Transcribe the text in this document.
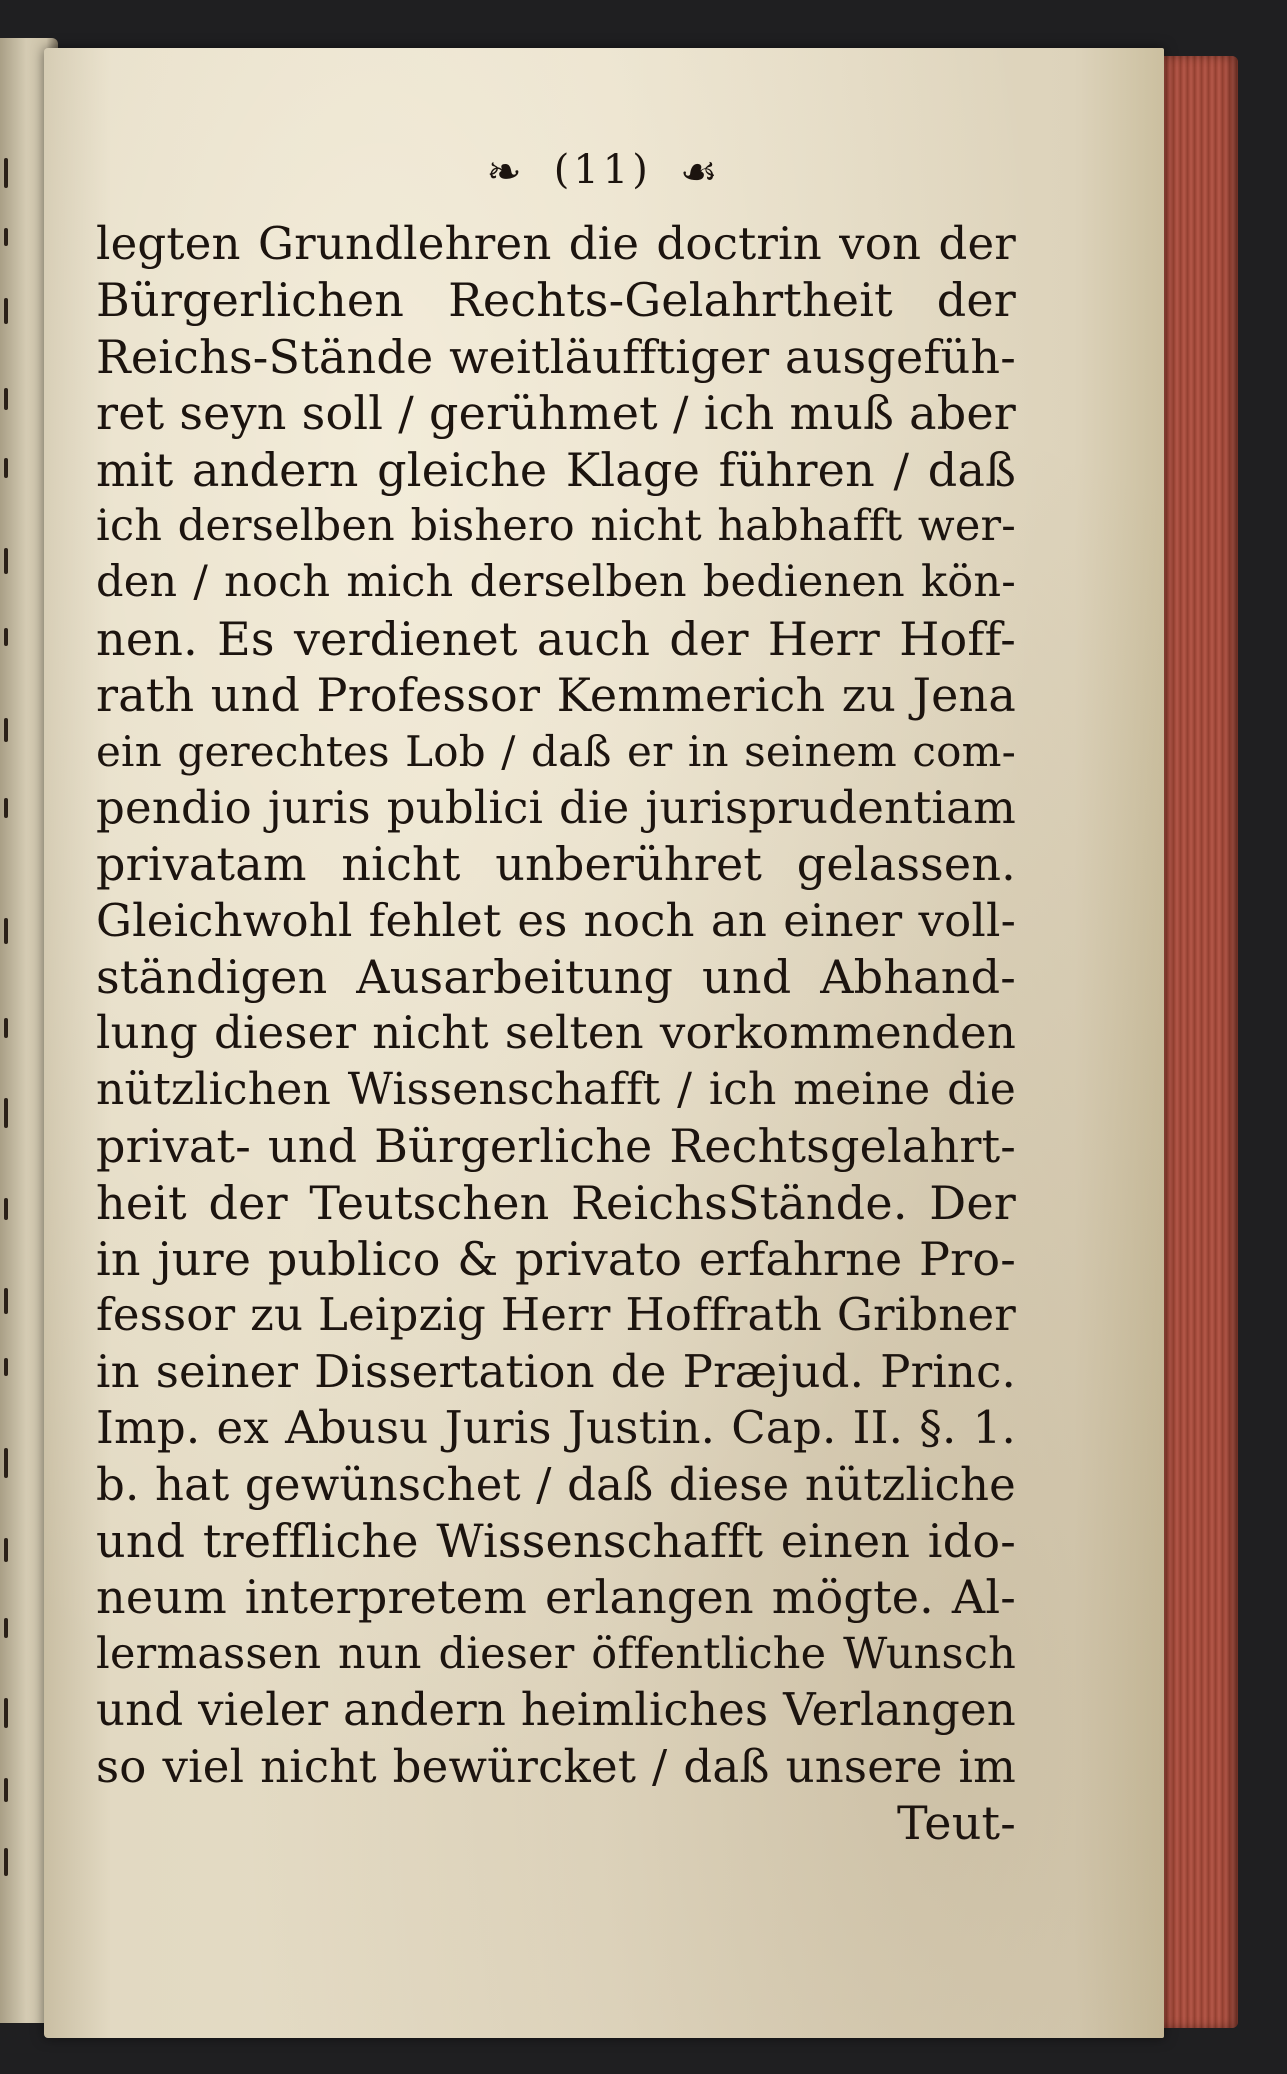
❧ (11) ☙
legten Grundlehren die doctrin von der
Bürgerlichen Rechts-Gelahrtheit der
Reichs-Stände weitläufftiger ausgefüh-
ret seyn soll / gerühmet / ich muß aber
mit andern gleiche Klage führen / daß
ich derselben bishero nicht habhafft wer-
den / noch mich derselben bedienen kön-
nen. Es verdienet auch der Herr Hoff-
rath und Professor Kemmerich zu Jena
ein gerechtes Lob / daß er in seinem com-
pendio juris publici die jurisprudentiam
privatam nicht unberühret gelassen.
Gleichwohl fehlet es noch an einer voll-
ständigen Ausarbeitung und Abhand-
lung dieser nicht selten vorkommenden
nützlichen Wissenschafft / ich meine die
privat- und Bürgerliche Rechtsgelahrt-
heit der Teutschen ReichsStände. Der
in jure publico & privato erfahrne Pro-
fessor zu Leipzig Herr Hoffrath Gribner
in seiner Dissertation de Præjud. Princ.
Imp. ex Abusu Juris Justin. Cap. II. §. 1.
b. hat gewünschet / daß diese nützliche
und treffliche Wissenschafft einen ido-
neum interpretem erlangen mögte. Al-
lermassen nun dieser öffentliche Wunsch
und vieler andern heimliches Verlangen
so viel nicht bewürcket / daß unsere im
Teut-
